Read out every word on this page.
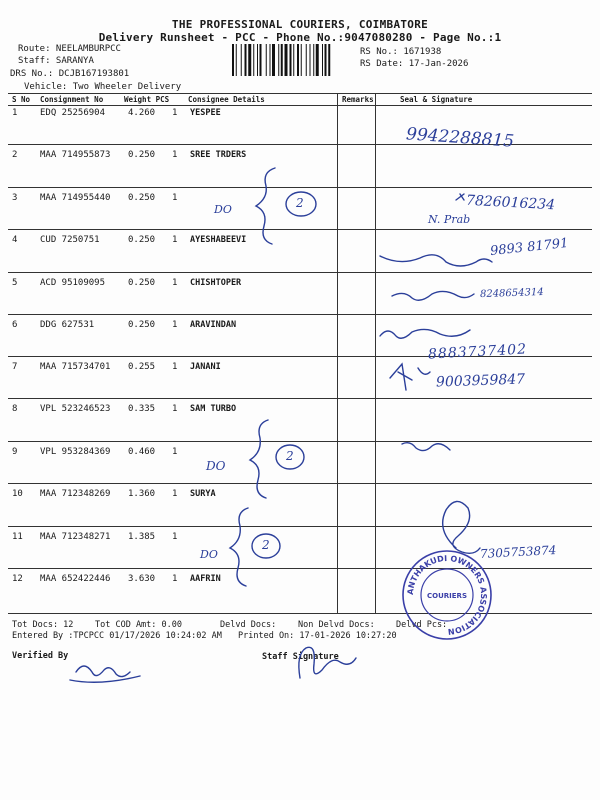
THE PROFESSIONAL COURIERS, COIMBATORE
Delivery Runsheet - PCC - Phone No.:9047080280 - Page No.:1
Route: NEELAMBURPCC
Staff: SARANYA
DRS No.: DCJB167193801
Vehicle: Two Wheeler Delivery
RS No.: 1671938
RS Date: 17-Jan-2026
S No Consignment No	Weight PCS	Consignee Details	Remarks	Seal & Signature
1	EDQ 25256904	4.260 1 YESPEE
2	MAA 714955873 0.250 1 SREE TRDERS
3	MAA 714955440 0.250 1
4	CUD 7250751	0.250 1 AYESHABEEVI
5	ACD 95109095	0.250 1 CHISHTOPER
6	DDG 627531	0.250 1 ARAVINDAN
7	MAA 715734701 0.255 1 JANANI
8	VPL 523246523 0.335 1 SAM TURBO
9	VPL 953284369 0.460 1
10 MAA 712348269 1.360 1 SURYA
11 MAA 712348271 1.385 1
12 MAA 652422446 3.630 1 AAFRIN
Tot Docs: 12	Tot COD Amt: 0.00	Delvd Docs:	Non Delvd Docs: Delvd Pcs:
Entered By :TPCPCC 01/17/2026 10:24:02 AM Printed On: 17-01-2026 10:27:20
Verified By	Staff Signature
9942288815
DO	2	7826016234
N. Prab
9893 81791
8248654314
8883737402
9003959847
DO
2
DO
2	7305753874
ANTHAKUDI OWNERS ASSOCIATION
COURIERS
